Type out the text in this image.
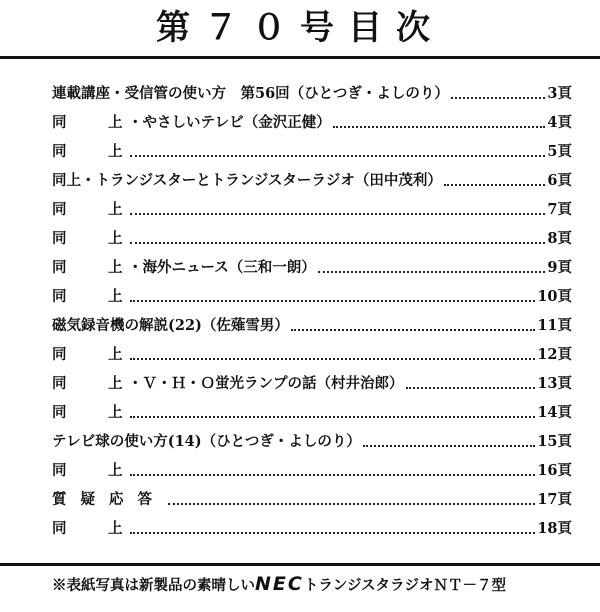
第７０号目次
連載講座・受信管の使い方　第56回（ひとつぎ・よしのり）	3頁
同	上 ・やさしいテレビ（金沢正健）	4頁
同	上	5頁
同上・トランジスターとトランジスターラジオ（田中茂利）	6頁
同	上	7頁
同	上	8頁
同	上 ・海外ニュース（三和一朗）	9頁
同	上	10頁
磁気録音機の解説(22)（佐薙雪男）	11頁
同	上	12頁
同	上 ・Ｖ・Ｈ・Ｏ蛍光ランプの話（村井治郎）	13頁
同	上	14頁
テレビ球の使い方(14)（ひとつぎ・よしのり）	15頁
同	上	16頁
質疑応答	17頁
同	上	18頁
※表紙写真は新製品の素晴しいNECトランジスタラジオＮＴ－７型
